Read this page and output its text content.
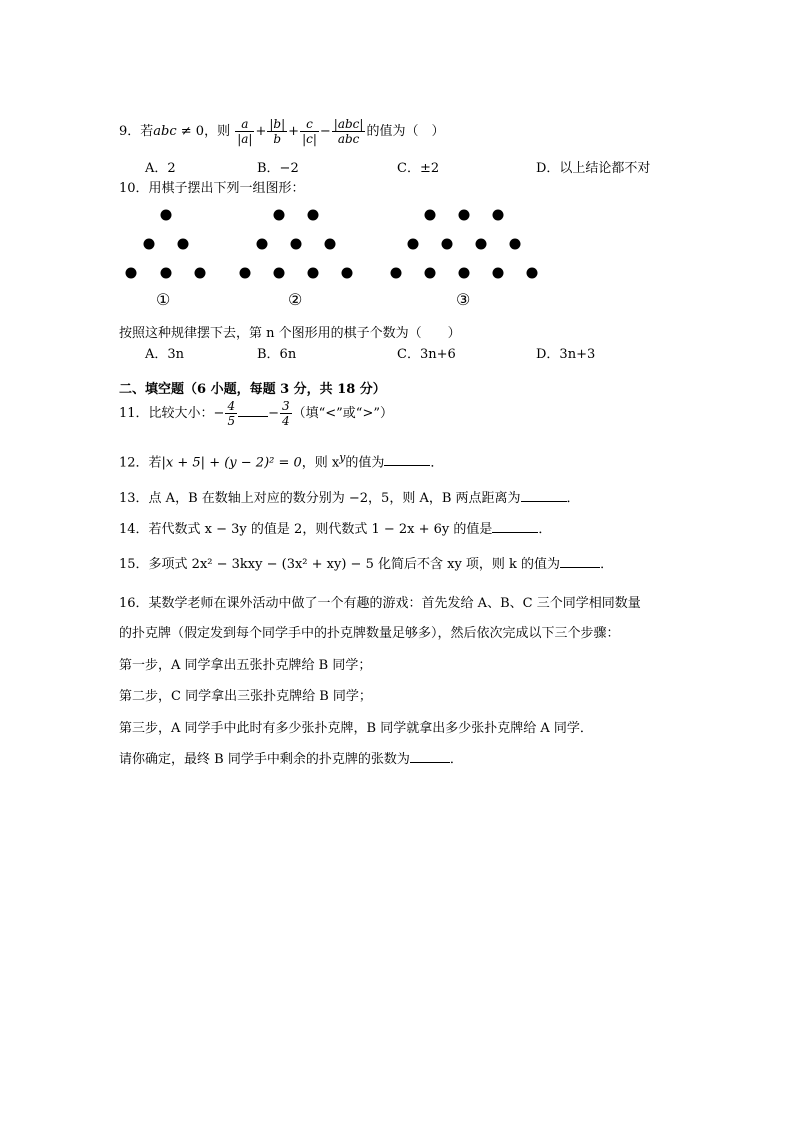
9．若abc ≠ 0，则 $\frac{a}{|a|} + \frac{|b|}{b} + \frac{c}{|c|} - \frac{\text{|abc|}}{\text{abc}}$ 的值为（　）
A．2	B．−2	C．±2	D．以上结论都不对
10．用棋子摆出下列一组图形：
①	②	③
按照这种规律摆下去，第 n 个图形用的棋子个数为（　　）
A．3n	B．6n	C．3n+6	D．3n+3
二、填空题（6 小题，每题 3 分，共 18 分）
11．比较大小：− $\frac{4}{5} - \frac{3}{4}$ （填“<”或“>”）
12．若|x + 5| + (y − 2)² = 0，则 $x^y$的值为	．
13．点 A，B 在数轴上对应的数分别为 −2，5，则 A，B 两点距离为	．
14．若代数式 x − 3y 的值是 2，则代数式 1 − 2x + 6y 的值是	．
15．多项式 2x² − 3kxy − (3x² + xy) − 5 化简后不含 xy 项，则 k 的值为	．
16．某数学老师在课外活动中做了一个有趣的游戏：首先发给 A、B、C 三个同学相同数量
的扑克牌（假定发到每个同学手中的扑克牌数量足够多），然后依次完成以下三个步骤：
第一步，A 同学拿出五张扑克牌给 B 同学；
第二步，C 同学拿出三张扑克牌给 B 同学；
第三步，A 同学手中此时有多少张扑克牌，B 同学就拿出多少张扑克牌给 A 同学．
请你确定，最终 B 同学手中剩余的扑克牌的张数为	．
